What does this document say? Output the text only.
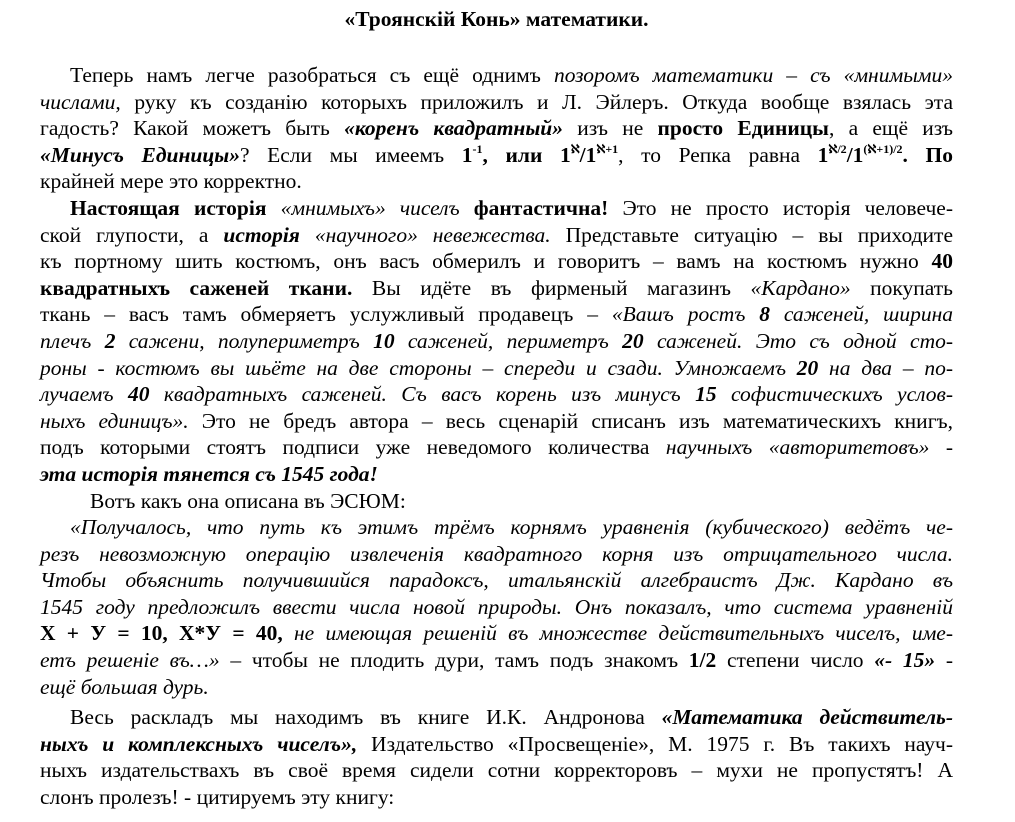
«Троянскій Конь» математики.
Теперь намъ легче разобраться съ ещё однимъ позоромъ математики – съ «мнимыми»
числами, руку къ созданію которыхъ приложилъ и Л. Эйлеръ. Откуда вообще взялась эта
гадость? Какой можетъ быть «коренъ квадратный» изъ не просто Единицы, а ещё изъ
«Минусъ Единицы»? Если мы имеемъ $1^{-1}$, или $1^ℵ/1^{ℵ+1}$, то Репка равна $1^{ℵ/2}/1^{(ℵ+1)/2}$. По
крайней мере это корректно.
Настоящая исторія «мнимыхъ» чиселъ фантастична! Это не просто исторія человече-
ской глупости, а исторія «научного» невежества. Представьте ситуацію – вы приходите
къ портному шить костюмъ, онъ васъ обмерилъ и говоритъ – вамъ на костюмъ нужно 40
квадратныхъ саженей ткани. Вы идёте въ фирменый магазинъ «Кардано» покупать
ткань – васъ тамъ обмеряетъ услужливый продавецъ – «Вашъ ростъ 8 саженей, ширина
плечъ 2 сажени, полупериметръ 10 саженей, периметръ 20 саженей. Это съ одной сто-
роны - костюмъ вы шьёте на две стороны – спереди и сзади. Умножаемъ 20 на два – по-
лучаемъ 40 квадратныхъ саженей. Съ васъ корень изъ минусъ 15 софистическихъ услов-
ныхъ единицъ». Это не бредъ автора – весь сценарій списанъ изъ математическихъ книгъ,
подъ которыми стоятъ подписи уже неведомого количества научныхъ «авторитетовъ» -
эта исторія тянется съ 1545 года!
Вотъ какъ она описана въ ЭСЮМ:
«Получалось, что путь къ этимъ трёмъ корнямъ уравненія (кубического) ведётъ че-
резъ невозможную операцію извлеченія квадратного корня изъ отрицательного числа.
Чтобы объяснить получившийся парадоксъ, итальянскій алгебраистъ Дж. Кардано въ
1545 году предложилъ ввести числа новой природы. Онъ показалъ, что система уравненій
Х + У = 10, Х*У = 40, не имеющая решеній въ множестве действительныхъ чиселъ, име-
етъ решеніе въ…» – чтобы не плодить дури, тамъ подъ знакомъ 1/2 степени число «- 15» -
ещё большая дурь.
Весь раскладъ мы находимъ въ книге И.К. Андронова «Математика действитель-
ныхъ и комплексныхъ чиселъ», Издательство «Просвещеніе», М. 1975 г. Въ такихъ науч-
ныхъ издательствахъ въ своё время сидели сотни корректоровъ – мухи не пропустятъ! А
слонъ пролезъ! - цитируемъ эту книгу:
